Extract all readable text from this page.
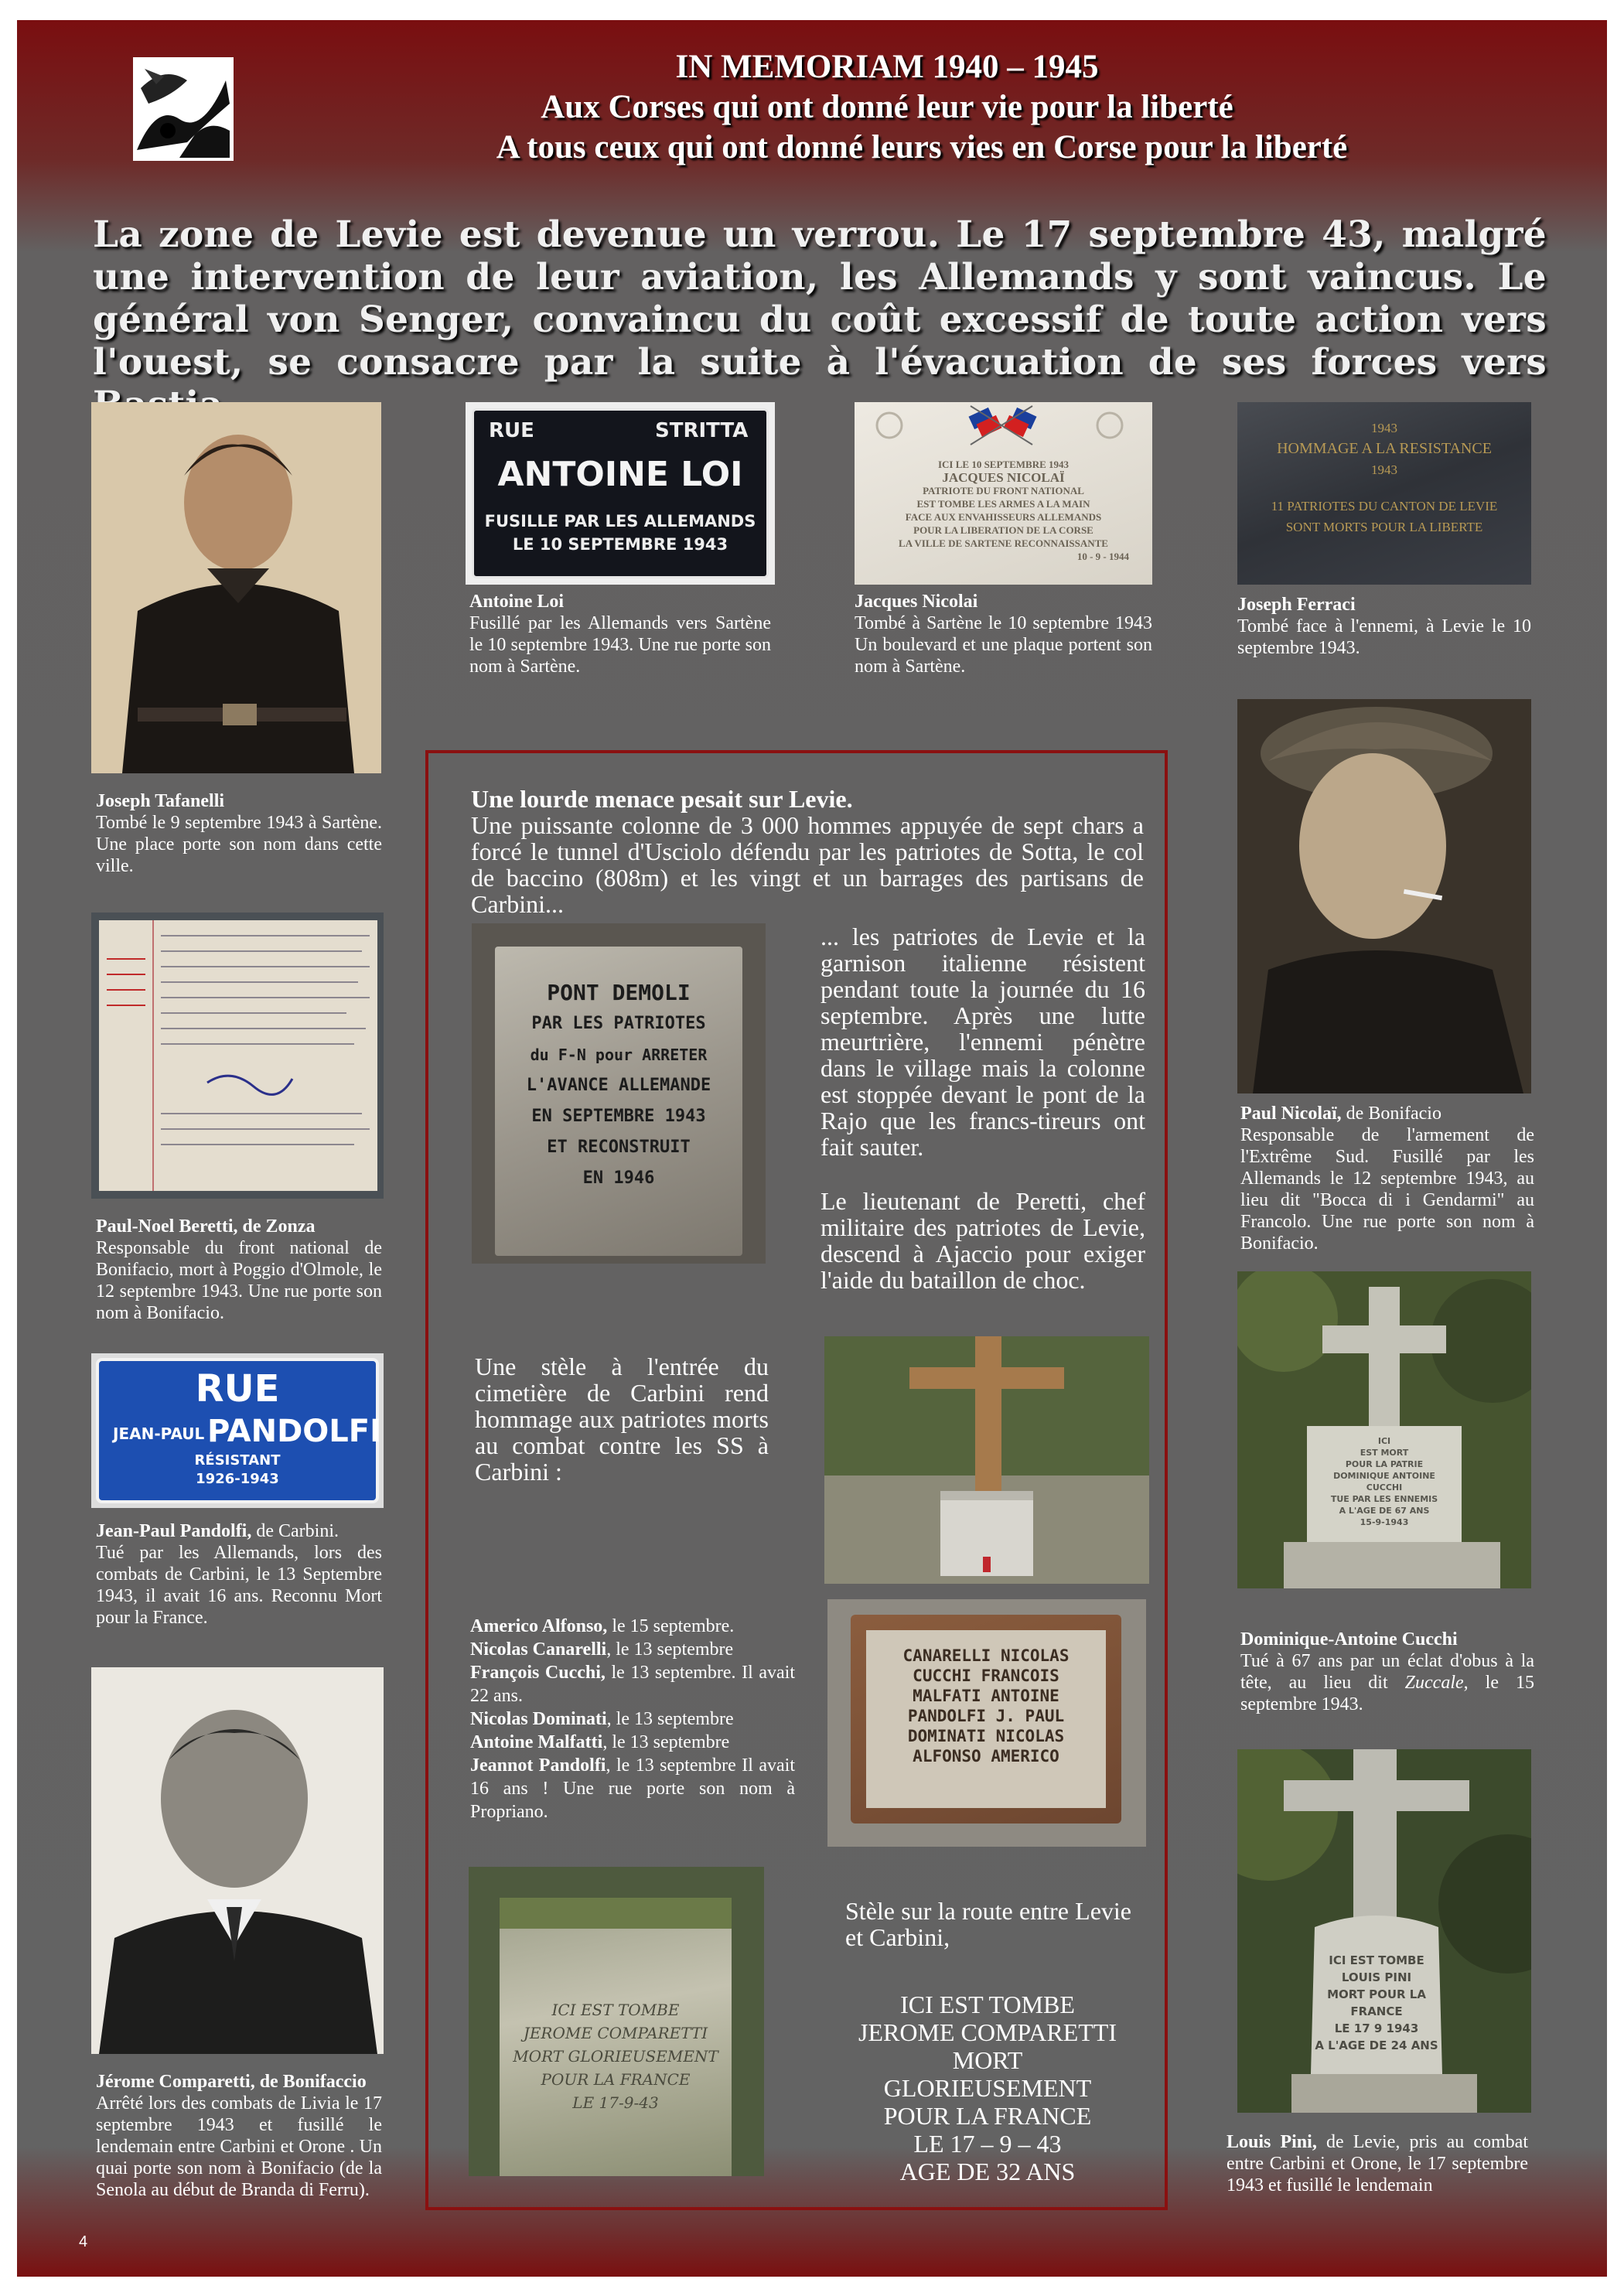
IN MEMORIAM 1940 – 1945
Aux Corses qui ont donné leur vie pour la liberté
A tous ceux qui ont donné leurs vies en Corse pour la liberté
La zone de Levie est devenue un verrou. Le 17 septembre 43, malgré une intervention de leur aviation, les Allemands y sont vaincus. Le général von Senger, convaincu du coût excessif de toute action vers l'ouest, se consacre par la suite à l'évacuation de ses forces vers
RUE	STRITTA
ANTOINE LOI
FUSILLE PAR LES ALLEMANDS
LE 10 SEPTEMBRE 1943
ICI LE 10 SEPTEMBRE 1943
JACQUES NICOLAÏ
PATRIOTE DU FRONT NATIONAL
EST TOMBE LES ARMES A LA MAIN
FACE AUX ENVAHISSEURS ALLEMANDS
POUR LA LIBERATION DE LA CORSE
LA VILLE DE SARTENE RECONNAISSANTE
10 - 9 - 1944
1943
HOMMAGE A LA RESISTANCE
1943
11 PATRIOTES DU CANTON DE LEVIE
SONT MORTS POUR LA LIBERTE
Antoine Loi
Fusillé par les Allemands vers Sartène le 10 septembre 1943. Une rue porte son nom à Sartène.
Jacques Nicolai
Tombé à Sartène le 10 septembre 1943 Un boulevard et une plaque portent son nom à Sartène.
Joseph Ferraci
Tombé face à l'ennemi, à Levie le 10 septembre 1943.
Joseph Tafanelli
Tombé le 9 septembre 1943 à Sartène. Une place porte son nom dans cette ville.
Une lourde menace pesait sur Levie.
Une puissante colonne de 3 000 hommes appuyée de sept chars a forcé le tunnel d'Usciolo défendu par les patriotes de Sotta, le col de baccino (808m) et les vingt et un barrages des partisans de Carbini...
PONT DEMOLI
PAR LES PATRIOTES
du F-N pour ARRETER
L'AVANCE ALLEMANDE
EN SEPTEMBRE 1943
ET RECONSTRUIT
EN 1946
... les patriotes de Levie et la garnison italienne résistent pendant toute la journée du 16 septembre. Après une lutte meurtrière, l'ennemi pénètre dans le village mais la colonne est stoppée devant le pont de la Rajo que les francs-tireurs ont fait sauter.
Le lieutenant de Peretti, chef militaire des patriotes de Levie, descend à Ajaccio pour exiger l'aide du bataillon de choc.
Une stèle à l'entrée du cimetière de Carbini rend hommage aux patriotes morts au combat contre les SS à Carbini :
CANARELLI NICOLAS
CUCCHI FRANCOIS
MALFATI ANTOINE
PANDOLFI J. PAUL
DOMINATI NICOLAS
ALFONSO AMERICO
Americo Alfonso, le 15 septembre.
Nicolas Canarelli, le 13 septembre
François Cucchi, le 13 septembre. Il avait 22 ans.
Nicolas Dominati, le 13 septembre
Antoine Malfatti, le 13 septembre
Jeannot Pandolfi, le 13 septembre Il avait 16 ans ! Une rue porte son nom à Propriano.
ICI EST TOMBE
JEROME COMPARETTI
MORT GLORIEUSEMENT
POUR LA FRANCE
LE 17-9-43
Stèle sur la route entre Levie et Carbini,
ICI EST TOMBE
JEROME COMPARETTI
MORT
GLORIEUSEMENT
POUR LA FRANCE
LE 17 – 9 – 43
AGE DE 32 ANS
Paul-Noel Beretti, de Zonza
Responsable du front national de Bonifacio, mort à Poggio d'Olmole, le 12 septembre 1943. Une rue porte son nom à Bonifacio.
RUE
JEAN-PAUL PANDOLFI
RÉSISTANT
1926-1943
Jean-Paul Pandolfi, de Carbini.
Tué par les Allemands, lors des combats de Carbini, le 13 Septembre 1943, il avait 16 ans. Reconnu Mort pour la France.
Jérome Comparetti, de Bonifaccio
Arrêté lors des combats de Livia le 17 septembre 1943 et fusillé le lendemain entre Carbini et Orone . Un quai porte son nom à Bonifacio (de la Senola au début de Branda di Ferru).
Paul Nicolaï, de Bonifacio
Responsable de l'armement de l'Extrême Sud. Fusillé par les Allemands le 12 septembre 1943, au lieu dit "Bocca di i Gendarmi" au Francolo. Une rue porte son nom à Bonifacio.
ICI
EST MORT
POUR LA PATRIE
DOMINIQUE ANTOINE
CUCCHI
TUE PAR LES ENNEMIS
A L'AGE DE 67 ANS
15-9-1943
Dominique-Antoine Cucchi
Tué à 67 ans par un éclat d'obus à la tête, au lieu dit Zuccale, le 15 septembre 1943.
ICI EST TOMBE
LOUIS PINI
MORT POUR LA
FRANCE
LE 17 9 1943
A L'AGE DE 24 ANS
Louis Pini, de Levie, pris au combat entre Carbini et Orone, le 17 septembre 1943 et fusillé le lendemain
4
